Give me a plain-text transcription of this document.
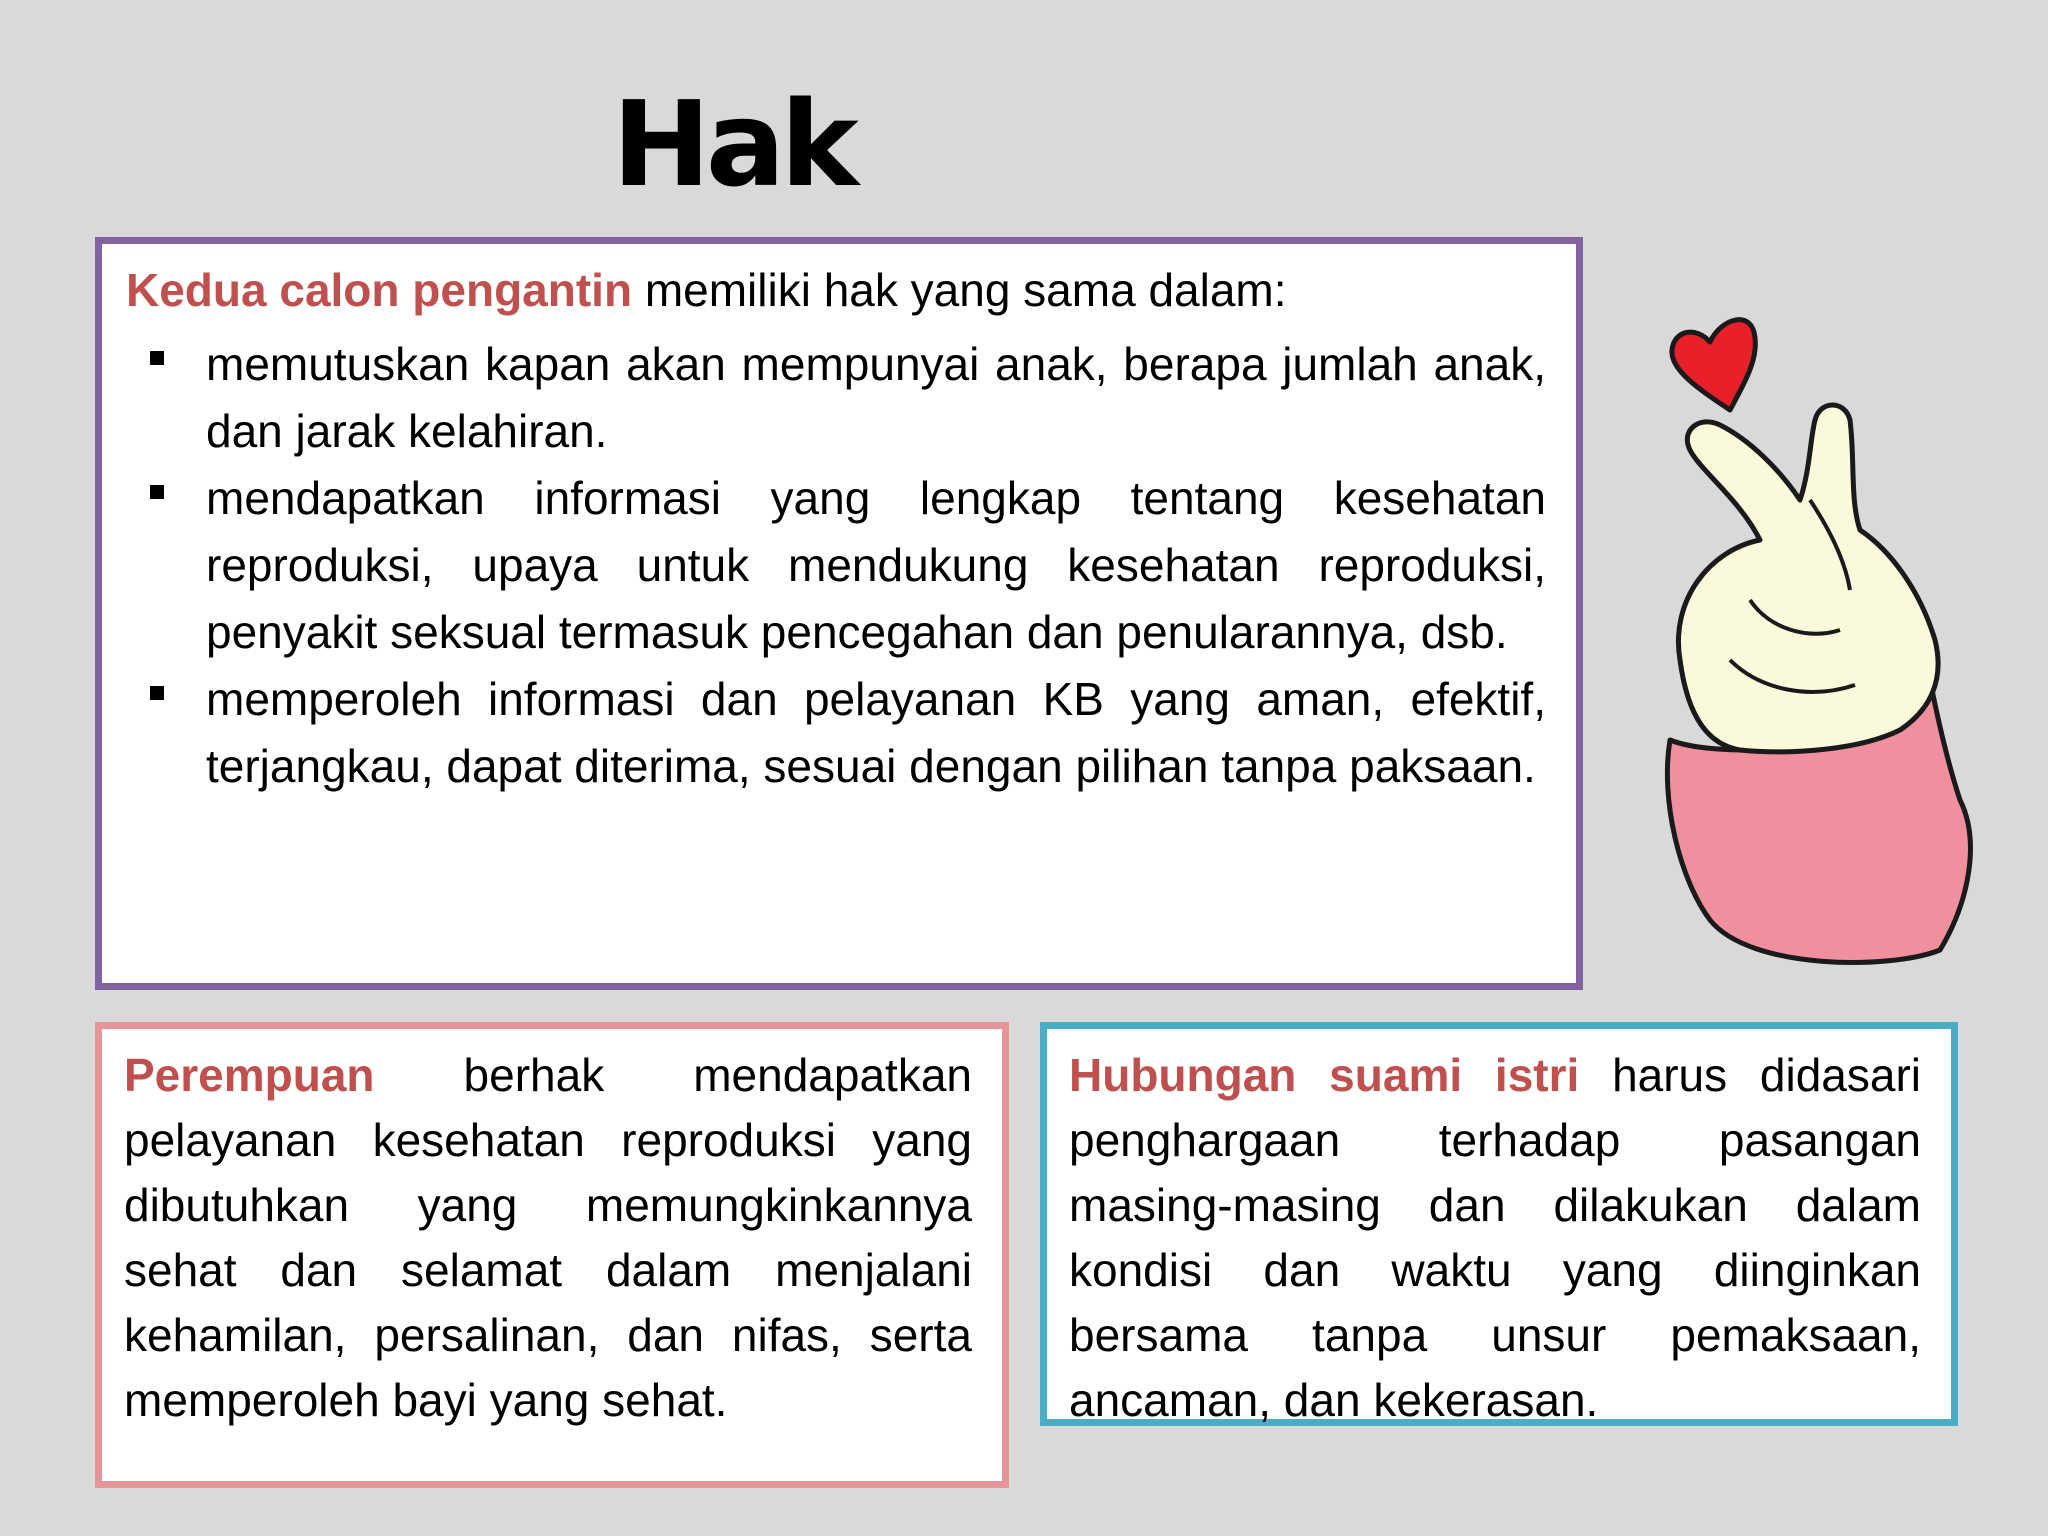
Hak

Kedua calon pengantin memiliki hak yang sama dalam:

memutuskan kapan akan mempunyai anak, berapa jumlah anak, dan jarak kelahiran.
mendapatkan informasi yang lengkap tentang kesehatan reproduksi, upaya untuk mendukung kesehatan reproduksi, penyakit seksual termasuk pencegahan dan penularannya, dsb.
memperoleh informasi dan pelayanan KB yang aman, efektif, terjangkau, dapat diterima, sesuai dengan pilihan tanpa paksaan.
Perempuan berhak mendapatkan pelayanan kesehatan reproduksi yang dibutuhkan yang memungkinkannya sehat dan selamat dalam menjalani kehamilan, persalinan, dan nifas, serta memperoleh bayi yang sehat.
Hubungan suami istri harus didasari penghargaan terhadap pasangan masing-masing dan dilakukan dalam kondisi dan waktu yang diinginkan bersama tanpa unsur pemaksaan, ancaman, dan kekerasan.
